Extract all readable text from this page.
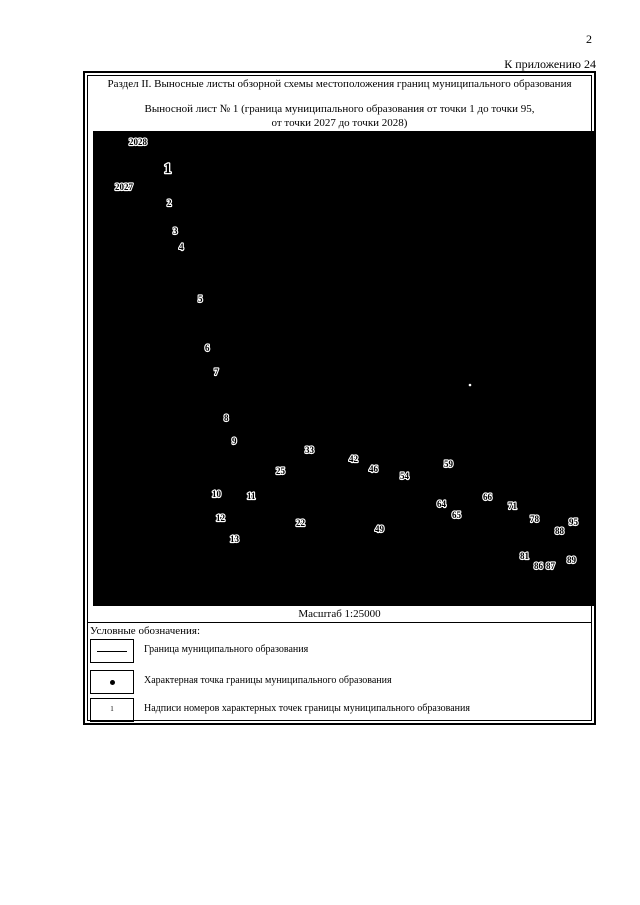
2
К приложению 24
Раздел II. Выносные листы обзорной схемы местоположения границ муниципального образования
Выносной лист № 1 (граница муниципального образования от точки 1 до точки 95,
от точки 2027 до точки 2028)
2028
1
2027
2
3
4
5
6
7
8
9
33
42
46
25	54
59
10	11
64
66
71
65
12	22	78	95
49	88
13
81	89
86 87
Масштаб 1:25000
Условные обозначения:
Граница муниципального образования
Характерная точка границы муниципального образования
1	Надписи номеров характерных точек границы муниципального образования
